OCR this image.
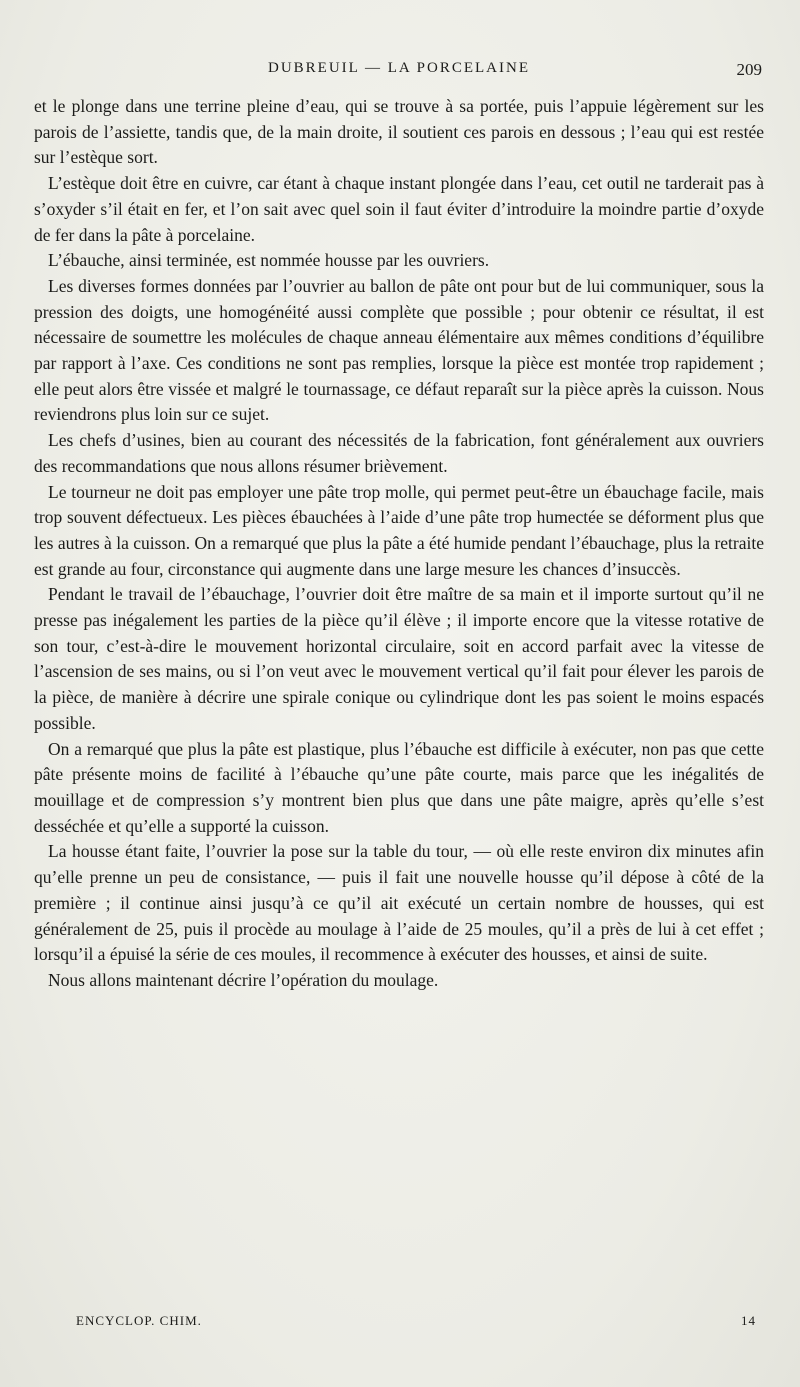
DUBREUIL — LA PORCELAINE	209

et le plonge dans une terrine pleine d’eau, qui se trouve à sa portée, puis l’appuie légèrement sur les parois de l’assiette, tandis que, de la main droite, il soutient ces parois en dessous ; l’eau qui est restée sur l’estèque sort.

L’estèque doit être en cuivre, car étant à chaque instant plongée dans l’eau, cet outil ne tarderait pas à s’oxyder s’il était en fer, et l’on sait avec quel soin il faut éviter d’introduire la moindre partie d’oxyde de fer dans la pâte à porcelaine.

L’ébauche, ainsi terminée, est nommée housse par les ouvriers.

Les diverses formes données par l’ouvrier au ballon de pâte ont pour but de lui communiquer, sous la pression des doigts, une homogénéité aussi complète que possible ; pour obtenir ce résultat, il est nécessaire de soumettre les molécules de chaque anneau élémentaire aux mêmes conditions d’équilibre par rapport à l’axe. Ces conditions ne sont pas remplies, lorsque la pièce est montée trop rapidement ; elle peut alors être vissée et malgré le tournassage, ce défaut reparaît sur la pièce après la cuisson. Nous reviendrons plus loin sur ce sujet.

Les chefs d’usines, bien au courant des nécessités de la fabrication, font généralement aux ouvriers des recommandations que nous allons résumer brièvement.

Le tourneur ne doit pas employer une pâte trop molle, qui permet peut-être un ébauchage facile, mais trop souvent défectueux. Les pièces ébauchées à l’aide d’une pâte trop humectée se déforment plus que les autres à la cuisson. On a remarqué que plus la pâte a été humide pendant l’ébauchage, plus la retraite est grande au four, circonstance qui augmente dans une large mesure les chances d’insuccès.

Pendant le travail de l’ébauchage, l’ouvrier doit être maître de sa main et il importe surtout qu’il ne presse pas inégalement les parties de la pièce qu’il élève ; il importe encore que la vitesse rotative de son tour, c’est-à-dire le mouvement horizontal circulaire, soit en accord parfait avec la vitesse de l’ascension de ses mains, ou si l’on veut avec le mouvement vertical qu’il fait pour élever les parois de la pièce, de manière à décrire une spirale conique ou cylindrique dont les pas soient le moins espacés possible.

On a remarqué que plus la pâte est plastique, plus l’ébauche est difficile à exécuter, non pas que cette pâte présente moins de facilité à l’ébauche qu’une pâte courte, mais parce que les inégalités de mouillage et de compression s’y montrent bien plus que dans une pâte maigre, après qu’elle s’est desséchée et qu’elle a supporté la cuisson.

La housse étant faite, l’ouvrier la pose sur la table du tour, — où elle reste environ dix minutes afin qu’elle prenne un peu de consistance, — puis il fait une nouvelle housse qu’il dépose à côté de la première ; il continue ainsi jusqu’à ce qu’il ait exécuté un certain nombre de housses, qui est généralement de 25, puis il procède au moulage à l’aide de 25 moules, qu’il a près de lui à cet effet ; lorsqu’il a épuisé la série de ces moules, il recommence à exécuter des housses, et ainsi de suite.

Nous allons maintenant décrire l’opération du moulage.

ENCYCLOP. CHIM.	14
